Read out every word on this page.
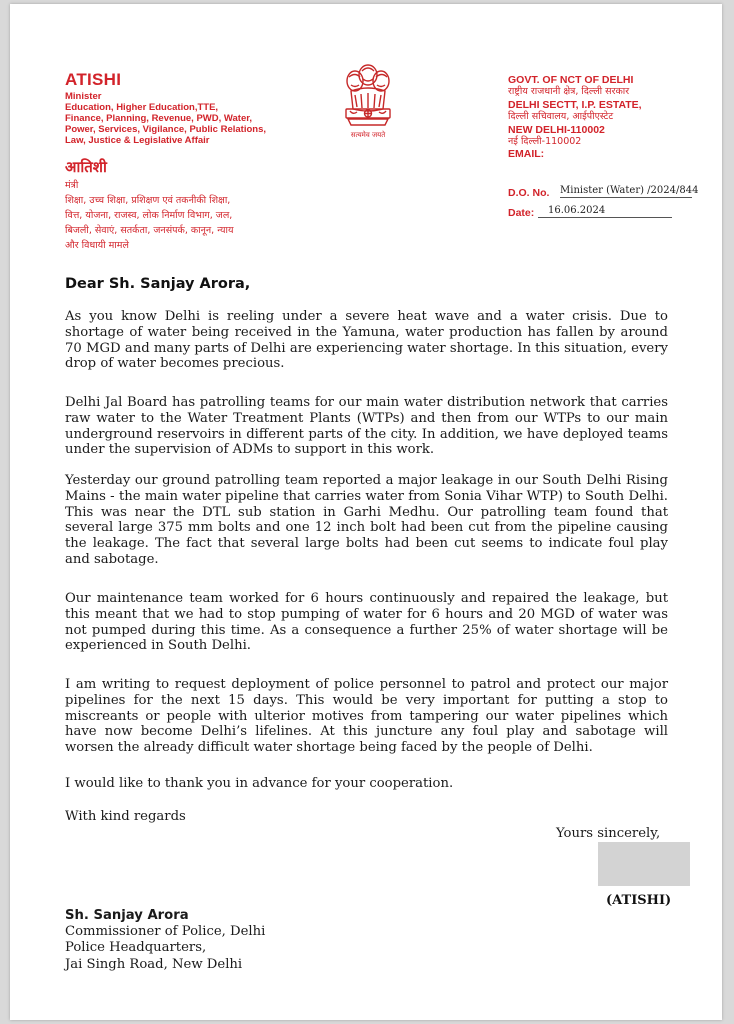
ATISHI
Minister
Education, Higher Education,TTE,
Finance, Planning, Revenue, PWD, Water,
Power, Services, Vigilance, Public Relations,
Law, Justice & Legislative Affair
आतिशी
मंत्री
शिक्षा, उच्च शिक्षा, प्रशिक्षण एवं तकनीकी शिक्षा,
वित्त, योजना, राजस्व, लोक निर्माण विभाग, जल,
बिजली, सेवाएं, सतर्कता, जनसंपर्क, कानून, न्याय
और विधायी मामले
सत्यमेव जयते
GOVT. OF NCT OF DELHI
राष्ट्रीय राजधानी क्षेत्र, दिल्ली सरकार
DELHI SECTT, I.P. ESTATE,
दिल्ली सचिवालय, आईपीएस्टेट
NEW DELHI-110002
नई दिल्ली-110002
EMAIL:
D.O. No. Minister (Water) /2024/844
Date:	16.06.2024
Dear Sh. Sanjay Arora,
As you know Delhi is reeling under a severe heat wave and a water crisis. Due to shortage of water being received in the Yamuna, water production has fallen by around 70 MGD and many parts of Delhi are experiencing water shortage. In this situation, every drop of water becomes precious.
Delhi Jal Board has patrolling teams for our main water distribution network that carries raw water to the Water Treatment Plants (WTPs) and then from our WTPs to our main underground reservoirs in different parts of the city. In addition, we have deployed teams under the supervision of ADMs to support in this work.
Yesterday our ground patrolling team reported a major leakage in our South Delhi Rising Mains - the main water pipeline that carries water from Sonia Vihar WTP) to South Delhi. This was near the DTL sub station in Garhi Medhu. Our patrolling team found that several large 375 mm bolts and one 12 inch bolt had been cut from the pipeline causing the leakage. The fact that several large bolts had been cut seems to indicate foul play and sabotage.
Our maintenance team worked for 6 hours continuously and repaired the leakage, but this meant that we had to stop pumping of water for 6 hours and 20 MGD of water was not pumped during this time. As a consequence a further 25% of water shortage will be experienced in South Delhi.
I am writing to request deployment of police personnel to patrol and protect our major pipelines for the next 15 days. This would be very important for putting a stop to miscreants or people with ulterior motives from tampering our water pipelines which have now become Delhi’s lifelines. At this juncture any foul play and sabotage will worsen the already difficult water shortage being faced by the people of Delhi.
I would like to thank you in advance for your cooperation.
With kind regards
Yours sincerely,
(ATISHI)
Sh. Sanjay Arora
Commissioner of Police, Delhi
Police Headquarters,
Jai Singh Road, New Delhi
